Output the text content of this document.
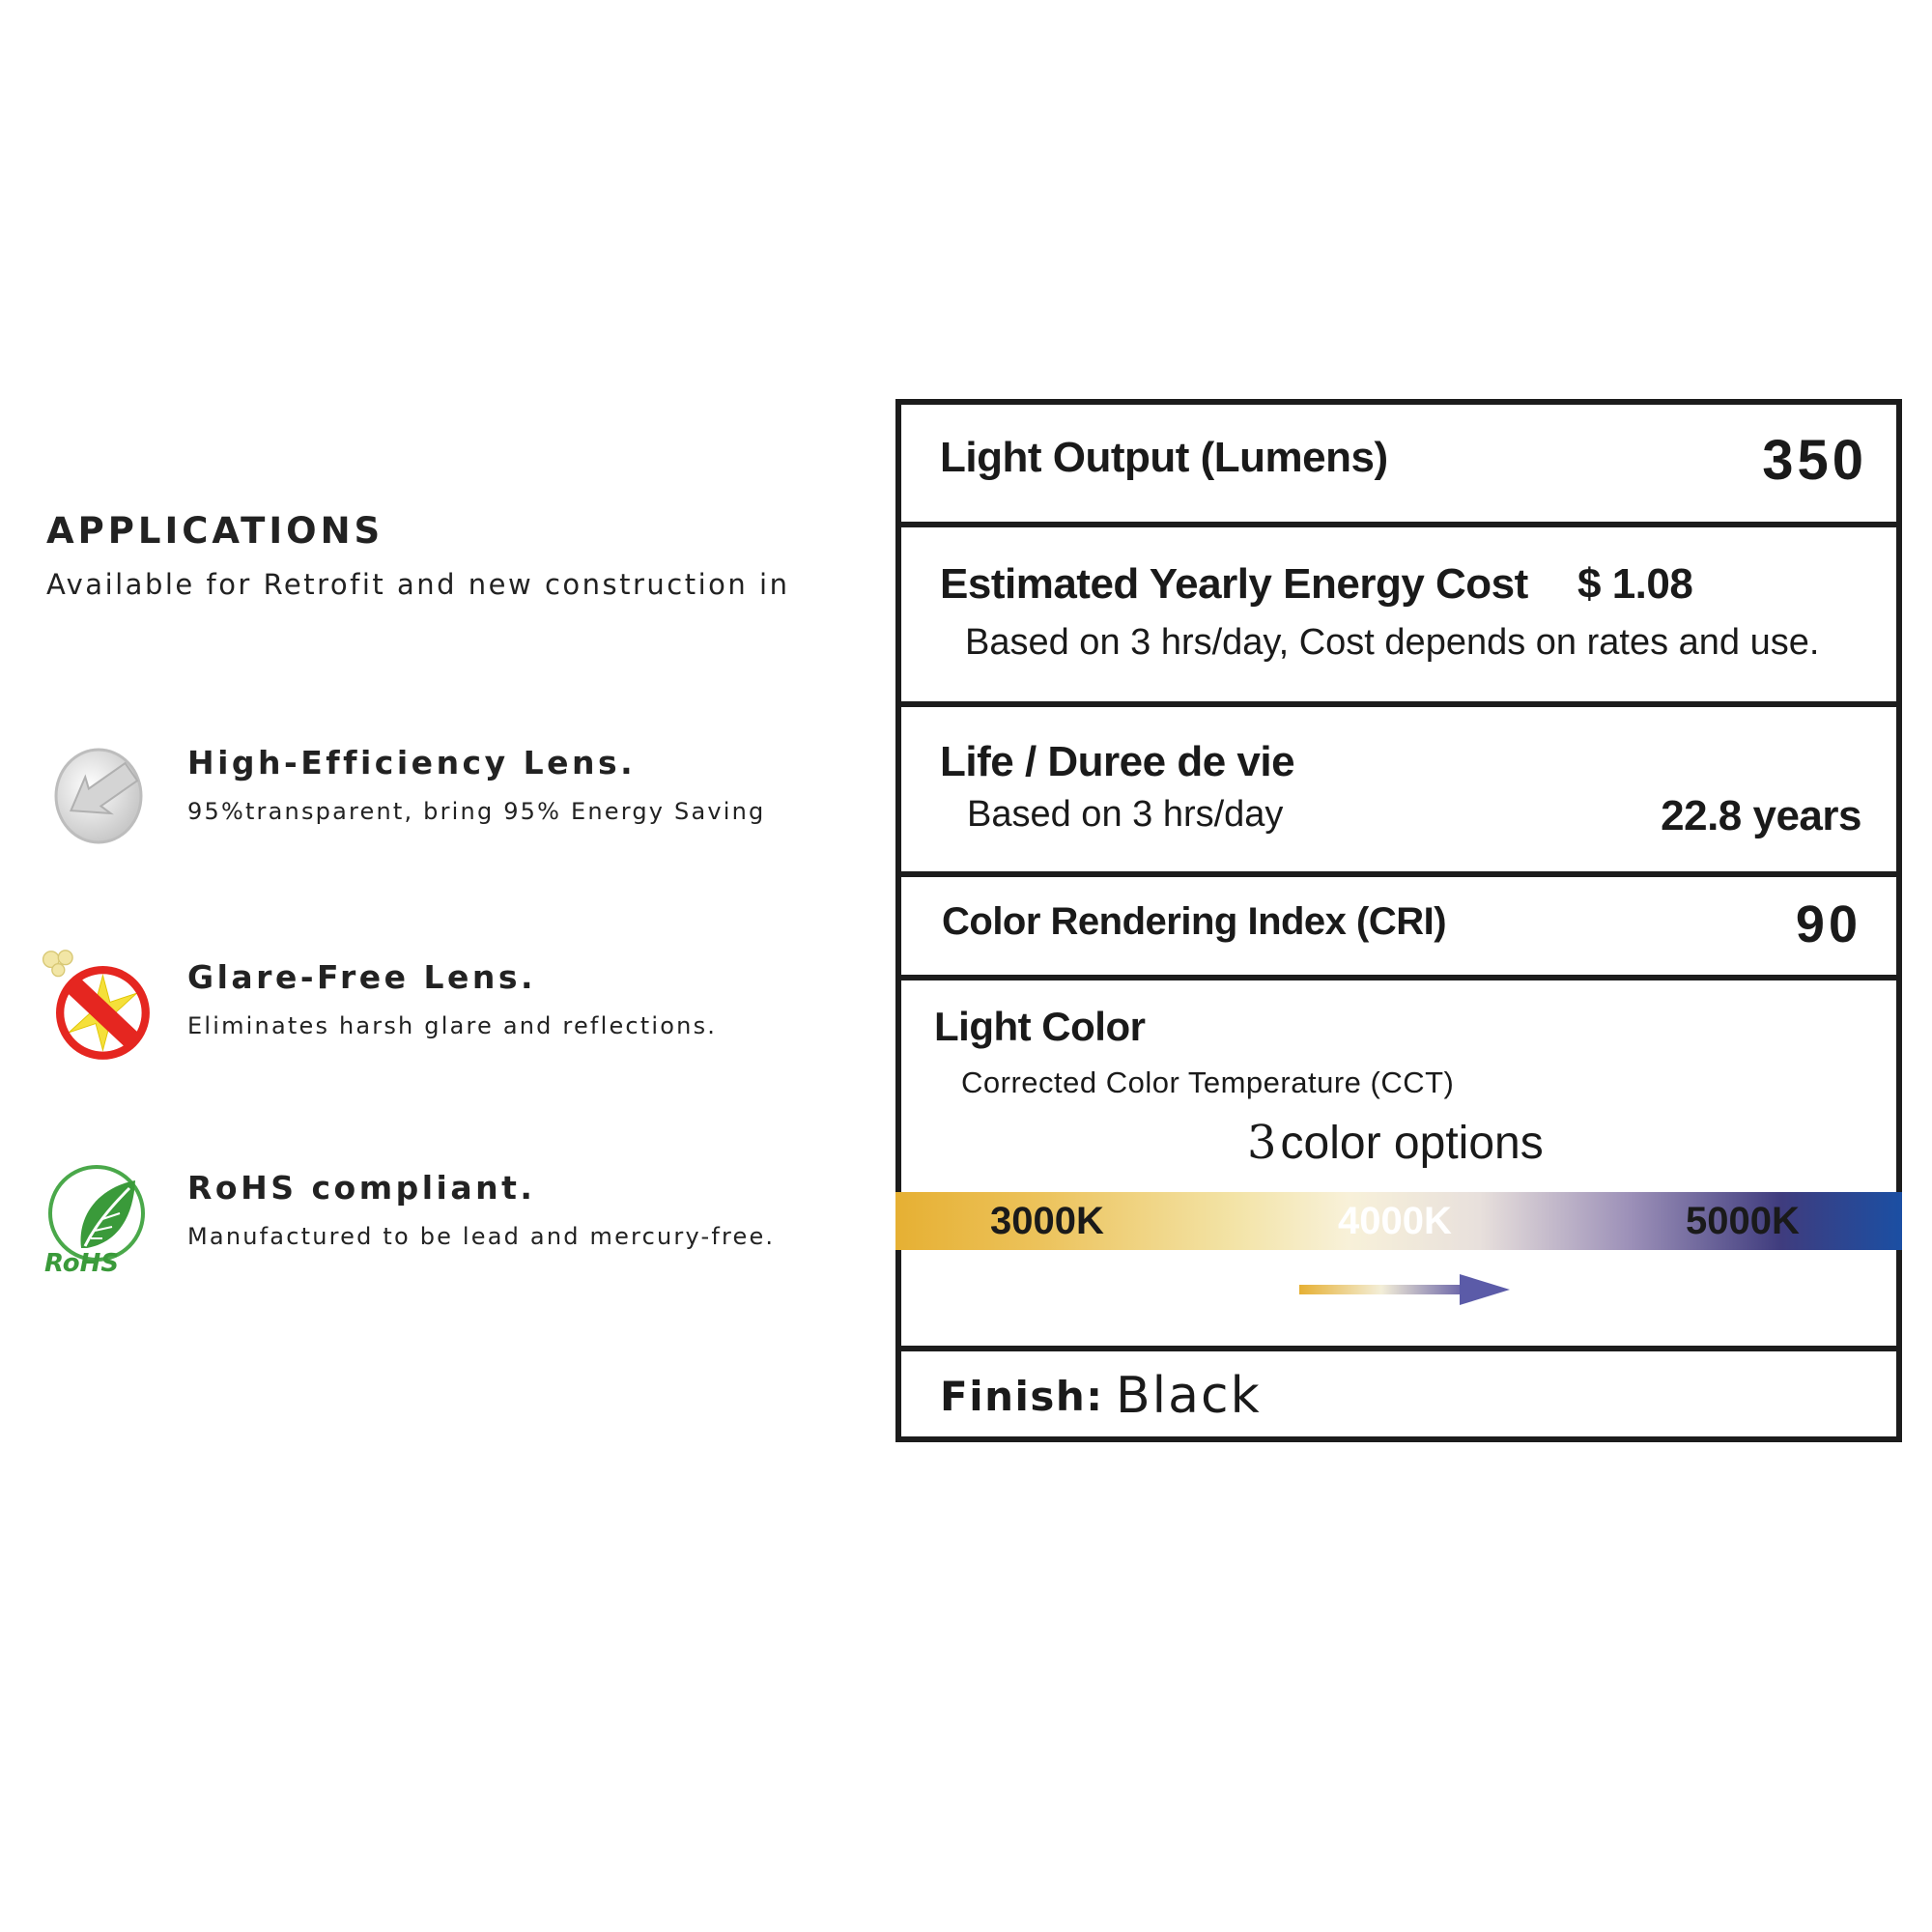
APPLICATIONS
Available for Retrofit and new construction in
High-Efficiency Lens.
95%transparent, bring 95% Energy Saving
Glare-Free Lens.
Eliminates harsh glare and reflections.
RoHS
RoHS compliant.
Manufactured to be lead and mercury-free.
Light Output (Lumens)	350
Estimated Yearly Energy Cost $ 1.08
Based on 3 hrs/day, Cost depends on rates and use.
Life / Duree de vie
Based on 3 hrs/day	22.8 years
Color Rendering Index (CRI)	90
Light Color
Corrected Color Temperature (CCT)
3color options
3000K	4000K	5000K
Finish: Black
